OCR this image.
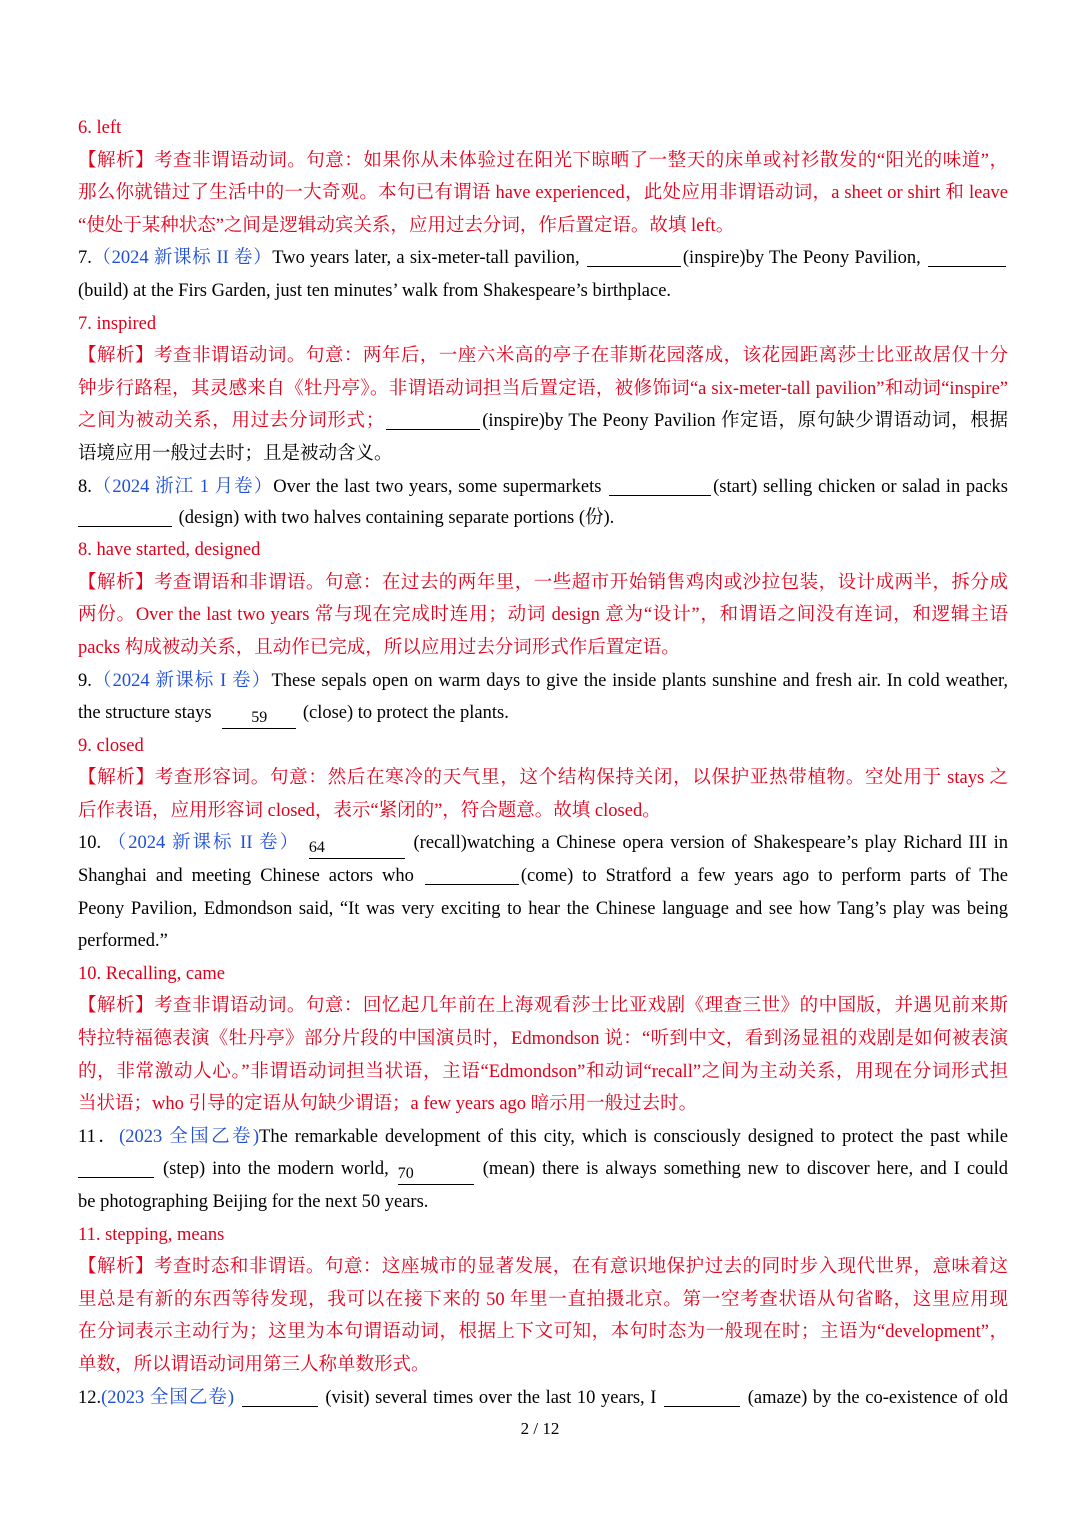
6. left
【解析】考查非谓语动词。句意：如果你从未体验过在阳光下晾晒了一整天的床单或衬衫散发的“阳光的味道”，
那么你就错过了生活中的一大奇观。本句已有谓语 have experienced，此处应用非谓语动词，a sheet or shirt 和 leave
“使处于某种状态”之间是逻辑动宾关系，应用过去分词，作后置定语。故填 left。
7.（2024 新课标 II 卷）Two years later, a six-meter-tall pavilion,	(inspire)by The Peony Pavilion,
(build) at the Firs Garden, just ten minutes’ walk from Shakespeare’s birthplace.
7. inspired
【解析】考查非谓语动词。句意：两年后，一座六米高的亭子在菲斯花园落成，该花园距离莎士比亚故居仅十分
钟步行路程，其灵感来自《牡丹亭》。非谓语动词担当后置定语，被修饰词“a six-meter-tall pavilion”和动词“inspire”
之间为被动关系，用过去分词形式；	(inspire)by The Peony Pavilion 作定语，原句缺少谓语动词，根据
语境应用一般过去时；且是被动含义。
8.（2024 浙江 1 月卷）Over the last two years, some supermarkets	(start) selling chicken or salad in packs
(design) with two halves containing separate portions (份).
8. have started, designed
【解析】考查谓语和非谓语。句意：在过去的两年里，一些超市开始销售鸡肉或沙拉包装，设计成两半，拆分成
两份。Over the last two years 常与现在完成时连用；动词 design 意为“设计”，和谓语之间没有连词，和逻辑主语
packs 构成被动关系，且动作已完成，所以应用过去分词形式作后置定语。
9.（2024 新课标 I 卷）These sepals open on warm days to give the inside plants sunshine and fresh air. In cold weather,
the structure stays 59 (close) to protect the plants.
9. closed
【解析】考查形容词。句意：然后在寒冷的天气里，这个结构保持关闭，以保护亚热带植物。空处用于 stays 之
后作表语，应用形容词 closed，表示“紧闭的”，符合题意。故填 closed。
10. （2024 新课标 II 卷） 64	(recall)watching a Chinese opera version of Shakespeare’s play Richard III in
Shanghai and meeting Chinese actors who	(come) to Stratford a few years ago to perform parts of The
Peony Pavilion, Edmondson said, “It was very exciting to hear the Chinese language and see how Tang’s play was being
performed.”
10. Recalling, came
【解析】考查非谓语动词。句意：回忆起几年前在上海观看莎士比亚戏剧《理查三世》的中国版，并遇见前来斯
特拉特福德表演《牡丹亭》部分片段的中国演员时，Edmondson 说：“听到中文，看到汤显祖的戏剧是如何被表演
的，非常激动人心。”非谓语动词担当状语，主语“Edmondson”和动词“recall”之间为主动关系，用现在分词形式担
当状语；who 引导的定语从句缺少谓语；a few years ago 暗示用一般过去时。
11．(2023 全国乙卷)The remarkable development of this city, which is consciously designed to protect the past while
(step) into the modern world, 70	(mean) there is always something new to discover here, and I could
be photographing Beijing for the next 50 years.
11. stepping, means
【解析】考查时态和非谓语。句意：这座城市的显著发展，在有意识地保护过去的同时步入现代世界，意味着这
里总是有新的东西等待发现，我可以在接下来的 50 年里一直拍摄北京。第一空考查状语从句省略，这里应用现
在分词表示主动行为；这里为本句谓语动词，根据上下文可知，本句时态为一般现在时；主语为“development”，
单数，所以谓语动词用第三人称单数形式。
12.(2023 全国乙卷)	(visit) several times over the last 10 years, I	(amaze) by the co-existence of old
2 / 12
